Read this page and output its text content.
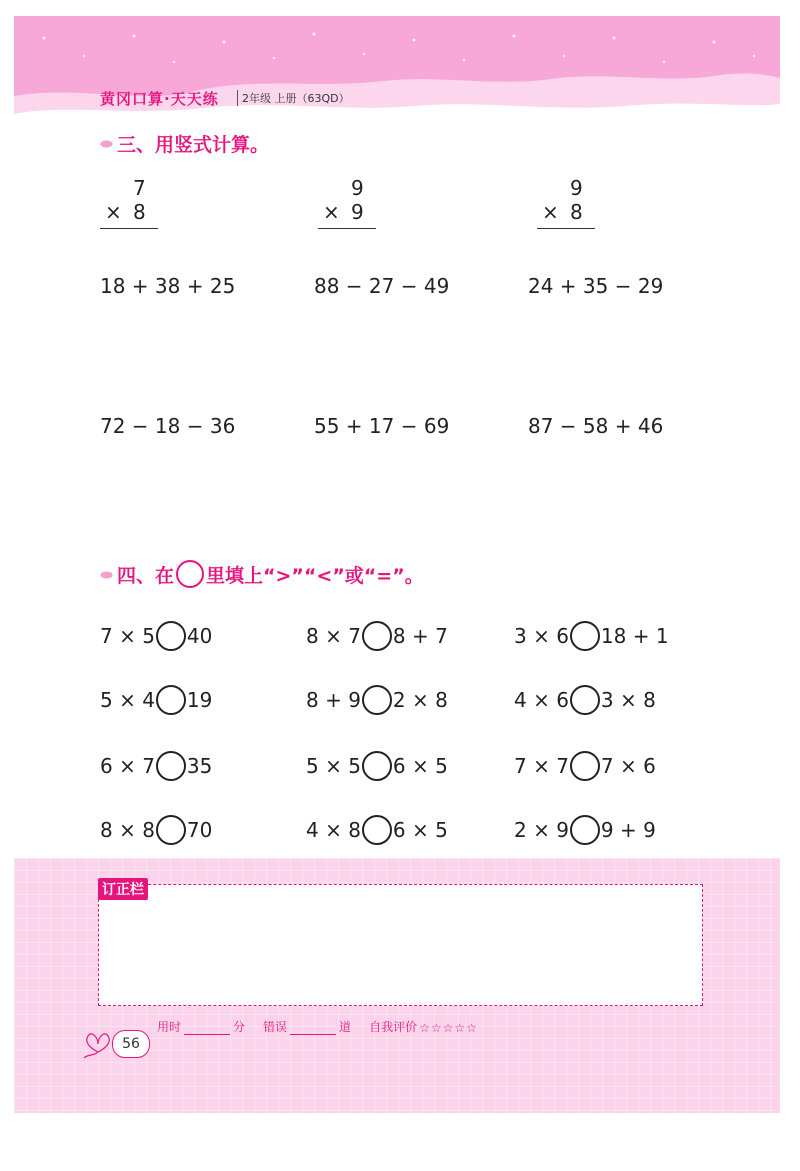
黄冈口算·天天练	2年级 上册（63QD）
三、用竖式计算。
7
× 8
9
× 9
9
× 8
18 + 38 + 25	88 − 27 − 49	24 + 35 − 29
72 − 18 − 36	55 + 17 − 69	87 − 58 + 46
四、在 里填上“>”“<”或“=”。
7 × 5 40	8 × 7 8 + 7	3 × 6 18 + 1
5 × 4 19	8 + 9 2 × 8	4 × 6 3 × 8
6 × 7 35	5 × 5 6 × 5	7 × 7 7 × 6
8 × 8 70	4 × 8 6 × 5	2 × 9 9 + 9
订正栏
56
用时	分 错误	道 自我评价 ☆☆☆☆☆
